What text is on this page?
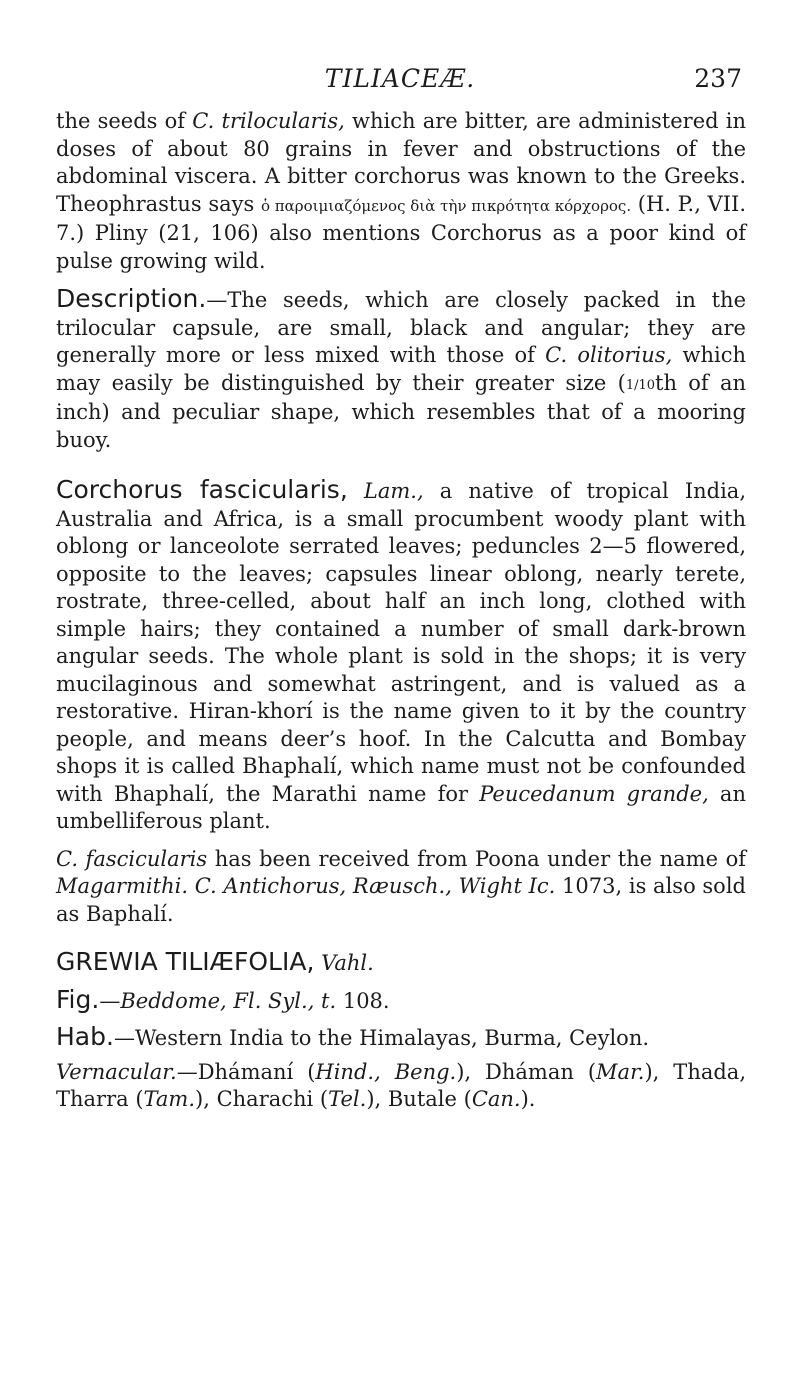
TILIACEÆ.	237

the seeds of C. trilocularis, which are bitter, are administered in doses of about 80 grains in fever and obstructions of the abdominal viscera. A bitter corchorus was known to the Greeks. Theophrastus says ὁ παροιμιαζόμενος διὰ τὴν πικρότητα κόρχορος. (H. P., VII. 7.) Pliny (21, 106) also mentions Corchorus as a poor kind of pulse growing wild.

Description.—The seeds, which are closely packed in the trilocular capsule, are small, black and angular; they are generally more or less mixed with those of C. olitorius, which may easily be distinguished by their greater size (1/10th of an inch) and peculiar shape, which resembles that of a mooring buoy.

Corchorus fascicularis, Lam., a native of tropical India, Australia and Africa, is a small procumbent woody plant with oblong or lanceolote serrated leaves; peduncles 2—5 flowered, opposite to the leaves; capsules linear oblong, nearly terete, rostrate, three-celled, about half an inch long, clothed with simple hairs; they contained a number of small dark-brown angular seeds. The whole plant is sold in the shops; it is very mucilaginous and somewhat astringent, and is valued as a restorative. Hiran-khorí is the name given to it by the country people, and means deer’s hoof. In the Calcutta and Bombay shops it is called Bhaphalí, which name must not be confounded with Bhaphalí, the Marathi name for Peucedanum grande, an umbelliferous plant.

C. fascicularis has been received from Poona under the name of Magarmithi. C. Antichorus, Ræusch., Wight Ic. 1073, is also sold as Baphalí.

GREWIA TILIÆFOLIA, Vahl.

Fig.—Beddome, Fl. Syl., t. 108.

Hab.—Western India to the Himalayas, Burma, Ceylon.

Vernacular.—Dhámaní (Hind., Beng.), Dháman (Mar.), Thada, Tharra (Tam.), Charachi (Tel.), Butale (Can.).
